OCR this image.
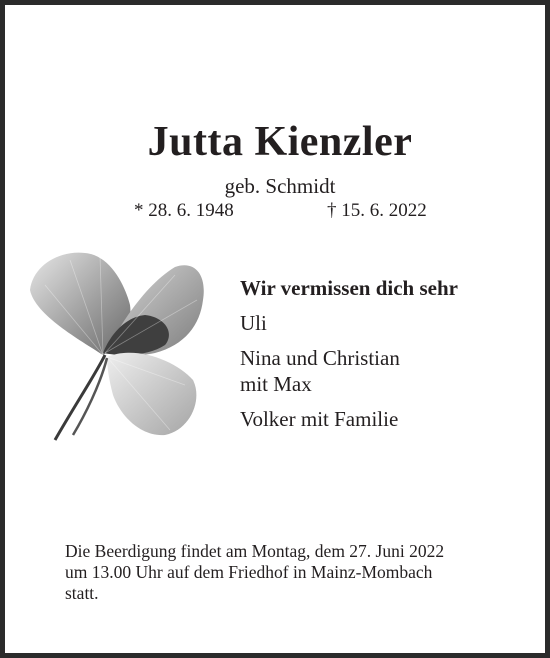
Jutta Kienzler
geb. Schmidt
* 28. 6. 1948	† 15. 6. 2022
Wir vermissen dich sehr
Uli
Nina und Christian
mit Max
Volker mit Familie
Die Beerdigung findet am Montag, dem 27. Juni 2022
um 13.00 Uhr auf dem Friedhof in Mainz-Mombach
statt.
